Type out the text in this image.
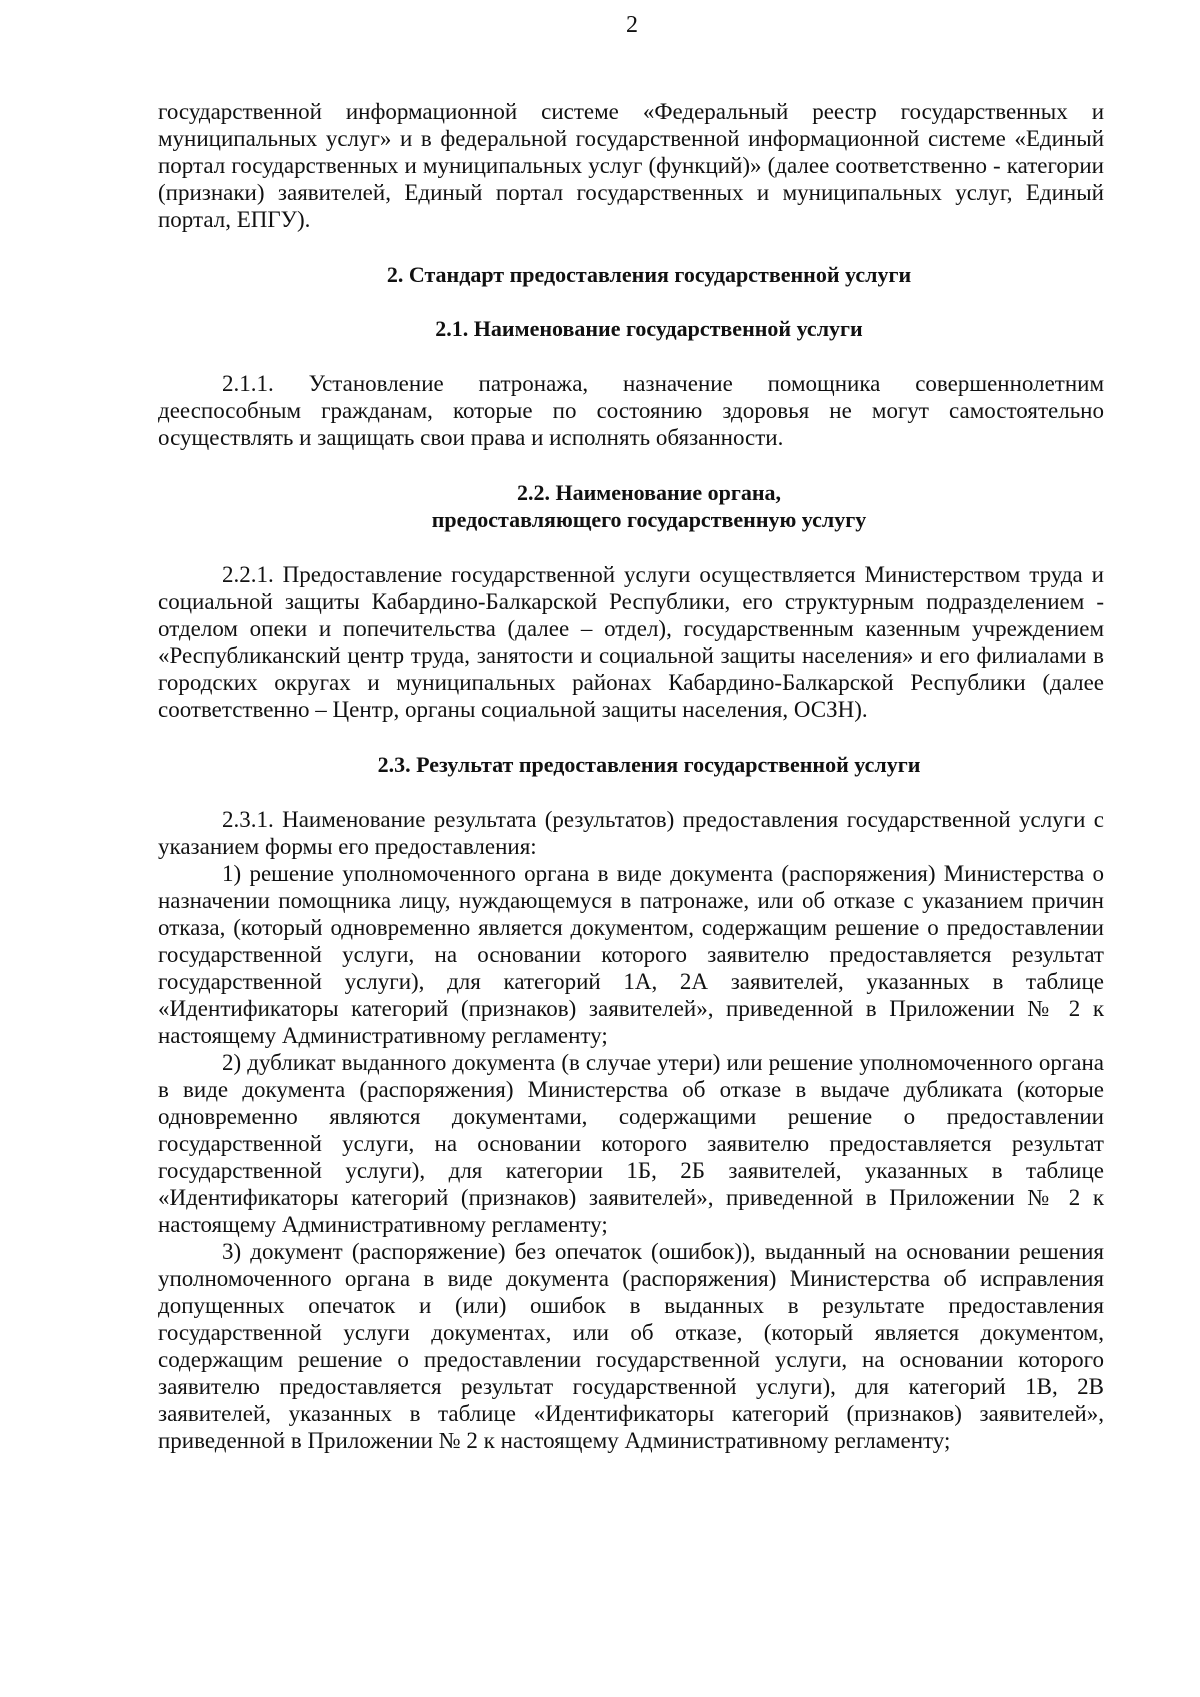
2

государственной информационной системе «Федеральный реестр государственных и муниципальных услуг» и в федеральной государственной информационной системе «Единый портал государственных и муниципальных услуг (функций)» (далее соответственно - категории (признаки) заявителей, Единый портал государственных и муниципальных услуг, Единый портал, ЕПГУ).

2. Стандарт предоставления государственной услуги
2.1. Наименование государственной услуги

2.1.1. Установление патронажа, назначение помощника совершеннолетним дееспособным гражданам, которые по состоянию здоровья не могут самостоятельно осуществлять и защищать свои права и исполнять обязанности.

2.2. Наименование органа,
предоставляющего государственную услугу

2.2.1. Предоставление государственной услуги осуществляется Министерством труда и социальной защиты Кабардино-Балкарской Республики, его структурным подразделением - отделом опеки и попечительства (далее – отдел), государственным казенным учреждением «Республиканский центр труда, занятости и социальной защиты населения» и его филиалами в городских округах и муниципальных районах Кабардино-Балкарской Республики (далее соответственно – Центр, органы социальной защиты населения, ОСЗН).

2.3. Результат предоставления государственной услуги

2.3.1. Наименование результата (результатов) предоставления государственной услуги с указанием формы его предоставления:

1) решение уполномоченного органа в виде документа (распоряжения) Министерства о назначении помощника лицу, нуждающемуся в патронаже, или об отказе с указанием причин отказа, (который одновременно является документом, содержащим решение о предоставлении государственной услуги, на основании которого заявителю предоставляется результат государственной услуги), для категорий 1А, 2А заявителей, указанных в таблице «Идентификаторы категорий (признаков) заявителей», приведенной в Приложении № 2 к настоящему Административному регламенту;

2) дубликат выданного документа (в случае утери) или решение уполномоченного органа в виде документа (распоряжения) Министерства об отказе в выдаче дубликата (которые одновременно являются документами, содержащими решение о предоставлении государственной услуги, на основании которого заявителю предоставляется результат государственной услуги), для категории 1Б, 2Б заявителей, указанных в таблице «Идентификаторы категорий (признаков) заявителей», приведенной в Приложении № 2 к настоящему Административному регламенту;

3) документ (распоряжение) без опечаток (ошибок)), выданный на основании решения уполномоченного органа в виде документа (распоряжения) Министерства об исправления допущенных опечаток и (или) ошибок в выданных в результате предоставления государственной услуги документах, или об отказе, (который является документом, содержащим решение о предоставлении государственной услуги, на основании которого заявителю предоставляется результат государственной услуги), для категорий 1В, 2В заявителей, указанных в таблице «Идентификаторы категорий (признаков) заявителей», приведенной в Приложении № 2 к настоящему Административному регламенту;
